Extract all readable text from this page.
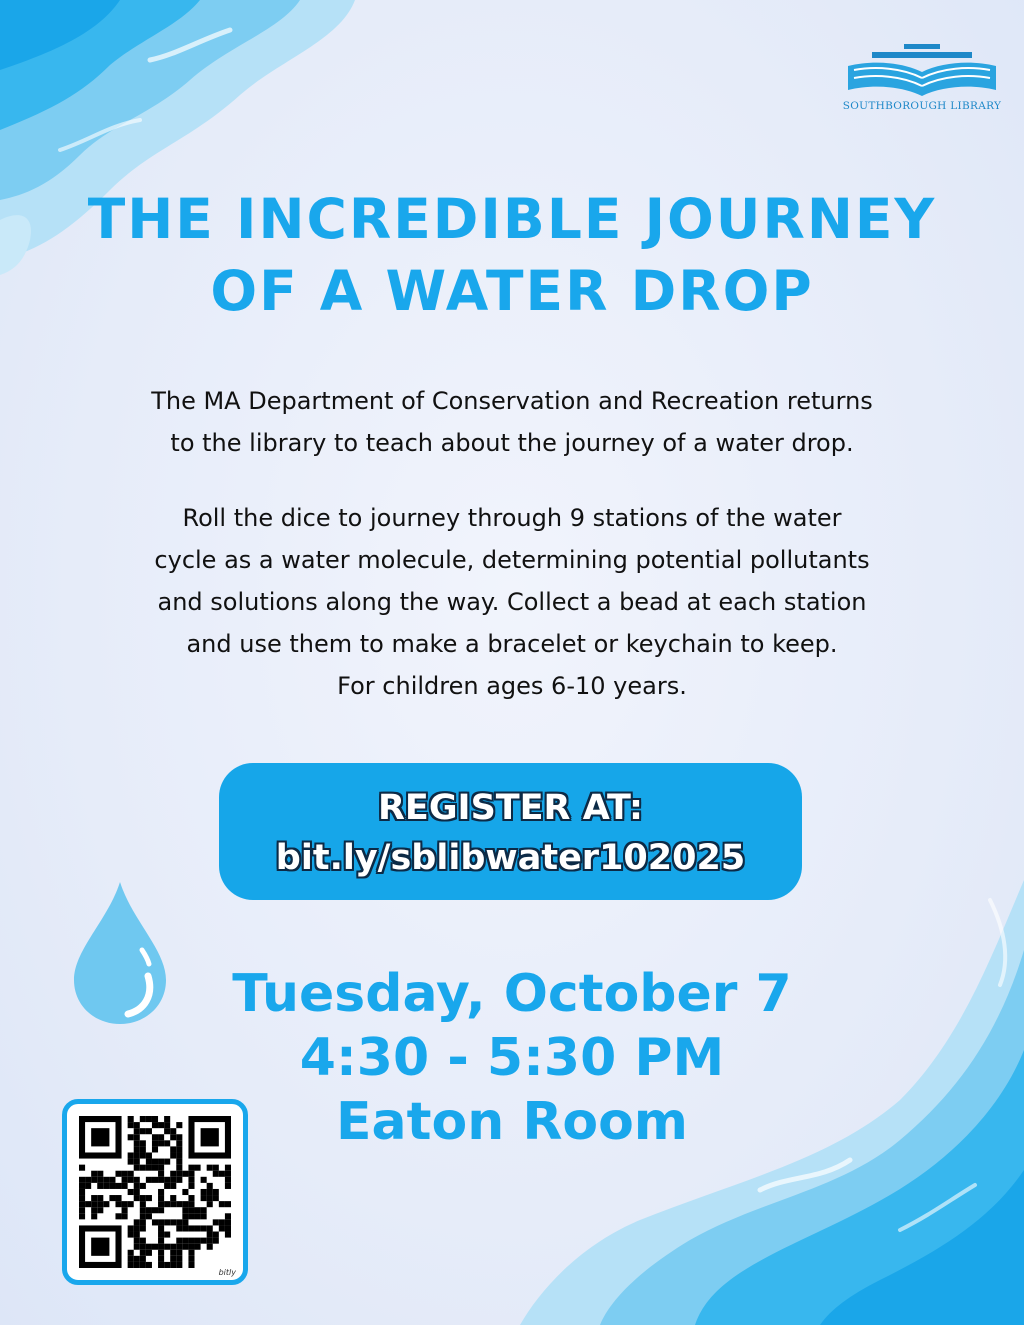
SOUTHBOROUGH LIBRARY
THE INCREDIBLE JOURNEY
OF A WATER DROP

The MA Department of Conservation and Recreation returns
to the library to teach about the journey of a water drop.

Roll the dice to journey through 9 stations of the water
cycle as a water molecule, determining potential pollutants
and solutions along the way. Collect a bead at each station
and use them to make a bracelet or keychain to keep.
For children ages 6-10 years.

REGISTER AT:
bit.ly/sblibwater102025
Tuesday, October 7
4:30 - 5:30 PM
Eaton Room
bitly
